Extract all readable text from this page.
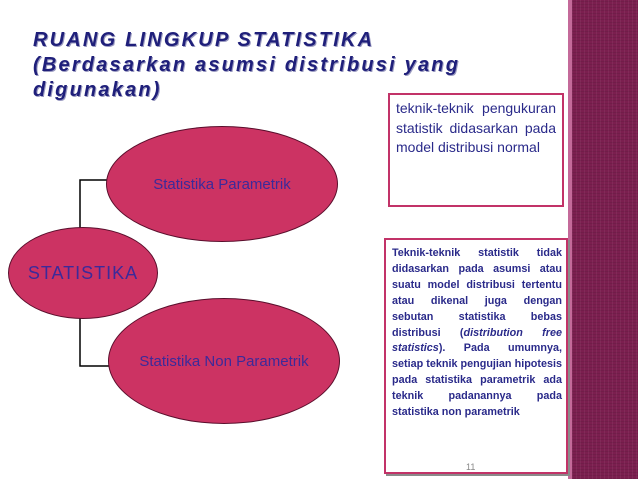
RUANG LINGKUP STATISTIKA
(Berdasarkan asumsi distribusi yang
digunakan)
Statistika Parametrik
Statistika Non Parametrik
STATISTIKA
teknik-teknik pengukuran statistik didasarkan pada model distribusi normal
Teknik-teknik statistik tidak didasarkan pada asumsi atau suatu model distribusi tertentu atau dikenal juga dengan sebutan statistika bebas distribusi (distribution free statistics). Pada umumnya, setiap teknik pengujian hipotesis pada statistika parametrik ada teknik padanannya pada statistika non parametrik
11
